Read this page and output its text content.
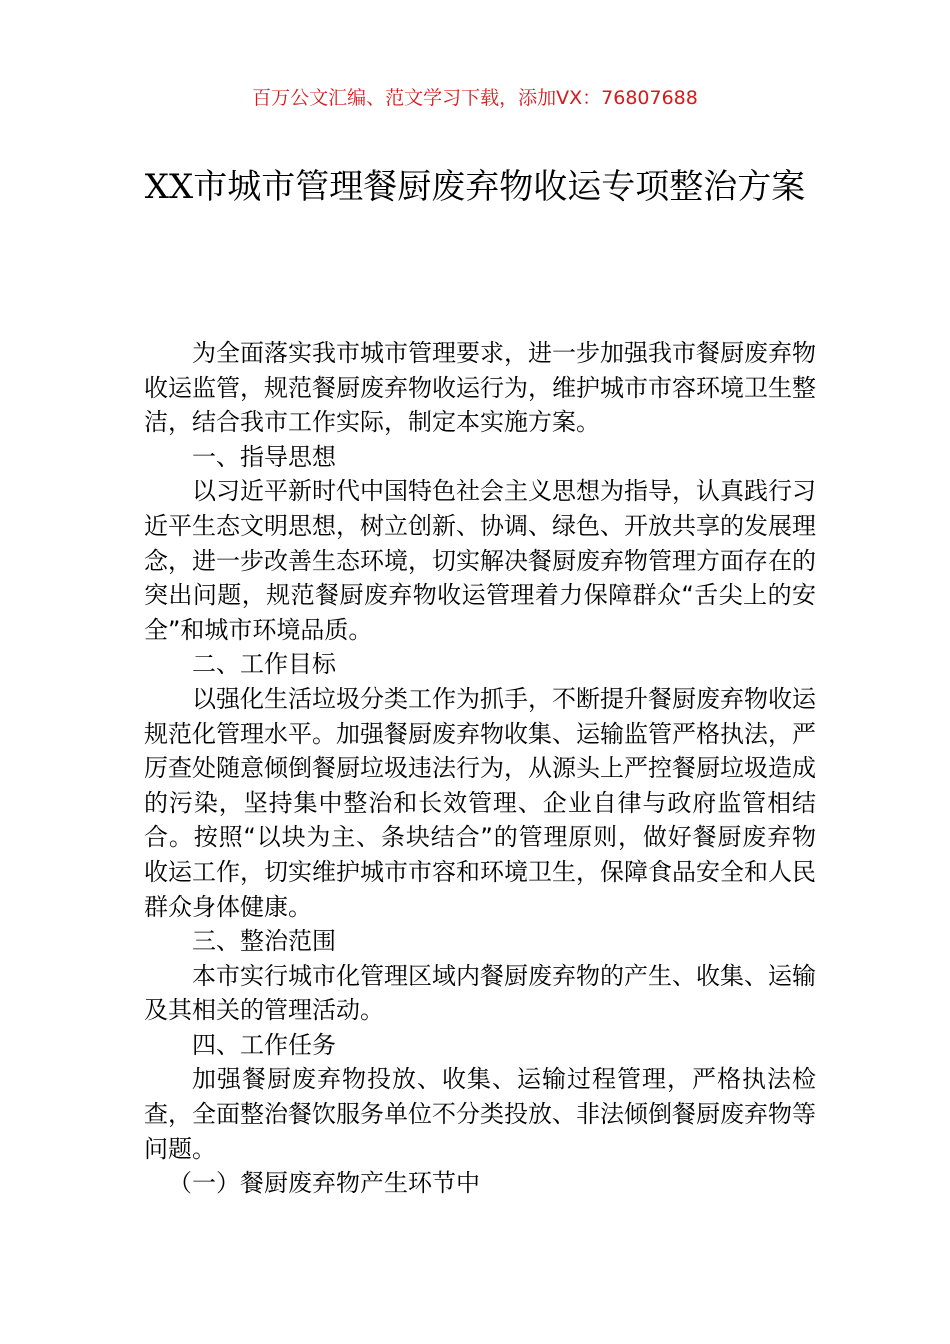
百万公文汇编、范文学习下载，添加VX：76807688
XX市城市管理餐厨废弃物收运专项整治方案

为全面落实我市城市管理要求，进一步加强我市餐厨废弃物收运监管，规范餐厨废弃物收运行为，维护城市市容环境卫生整洁，结合我市工作实际，制定本实施方案。

一、指导思想

以习近平新时代中国特色社会主义思想为指导，认真践行习近平生态文明思想，树立创新、协调、绿色、开放共享的发展理念，进一步改善生态环境，切实解决餐厨废弃物管理方面存在的突出问题，规范餐厨废弃物收运管理着力保障群众“舌尖上的安全”和城市环境品质。

二、工作目标

以强化生活垃圾分类工作为抓手，不断提升餐厨废弃物收运规范化管理水平。加强餐厨废弃物收集、运输监管严格执法，严厉查处随意倾倒餐厨垃圾违法行为，从源头上严控餐厨垃圾造成的污染，坚持集中整治和长效管理、企业自律与政府监管相结合。按照“以块为主、条块结合”的管理原则，做好餐厨废弃物收运工作，切实维护城市市容和环境卫生，保障食品安全和人民群众身体健康。

三、整治范围

本市实行城市化管理区域内餐厨废弃物的产生、收集、运输及其相关的管理活动。

四、工作任务

加强餐厨废弃物投放、收集、运输过程管理，严格执法检查，全面整治餐饮服务单位不分类投放、非法倾倒餐厨废弃物等问题。

（一）餐厨废弃物产生环节中
